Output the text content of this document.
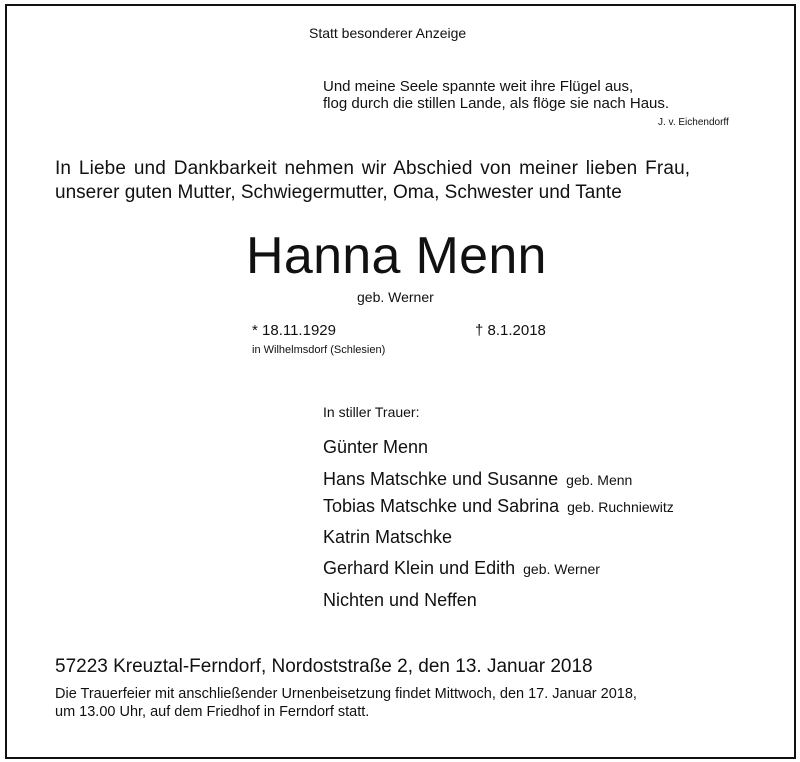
Statt besonderer Anzeige
Und meine Seele spannte weit ihre Flügel aus,
flog durch die stillen Lande, als flöge sie nach Haus.
J. v. Eichendorff
In Liebe und Dankbarkeit nehmen wir Abschied von meiner lieben Frau,
unserer guten Mutter, Schwiegermutter, Oma, Schwester und Tante
Hanna Menn
geb. Werner
* 18.11.1929	† 8.1.2018
in Wilhelmsdorf (Schlesien)
In stiller Trauer:
Günter Menn
Hans Matschke und Susanne geb. Menn
Tobias Matschke und Sabrina geb. Ruchniewitz
Katrin Matschke
Gerhard Klein und Edith geb. Werner
Nichten und Neffen
57223 Kreuztal-Ferndorf, Nordoststraße 2, den 13. Januar 2018
Die Trauerfeier mit anschließender Urnenbeisetzung findet Mittwoch, den 17. Januar 2018,
um 13.00 Uhr, auf dem Friedhof in Ferndorf statt.
